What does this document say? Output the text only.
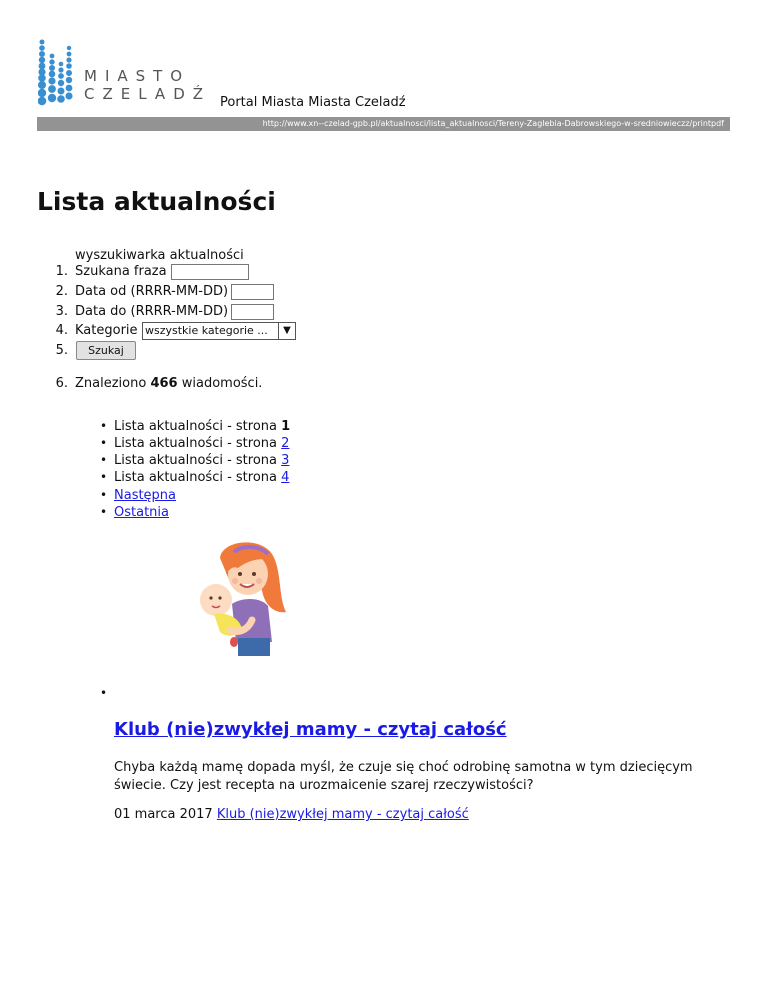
MIASTO
CZELADŹ Portal Miasta Miasta Czeladź
http://www.xn--czelad-gpb.pl/aktualnosci/lista_aktualnosci/Tereny-Zaglebia-Dabrowskiego-w-sredniowieczz/printpdf
Lista aktualności
wyszukiwarka aktualności
1. Szukana fraza
2. Data od (RRRR-MM-DD)
3. Data do (RRRR-MM-DD)
4. Kategorie wszystkie kategorie ...	▼
5.	Szukaj
6. Znaleziono 466 wiadomości.
• Lista aktualności - strona 1
• Lista aktualności - strona 2
• Lista aktualności - strona 3
• Lista aktualności - strona 4
• Następna
• Ostatnia
•
Klub (nie)zwykłej mamy - czytaj całość

Chyba każdą mamę dopada myśl, że czuje się choć odrobinę samotna w tym dziecięcym świecie. Czy jest recepta na urozmaicenie szarej rzeczywistości?

01 marca 2017 Klub (nie)zwykłej mamy - czytaj całość
